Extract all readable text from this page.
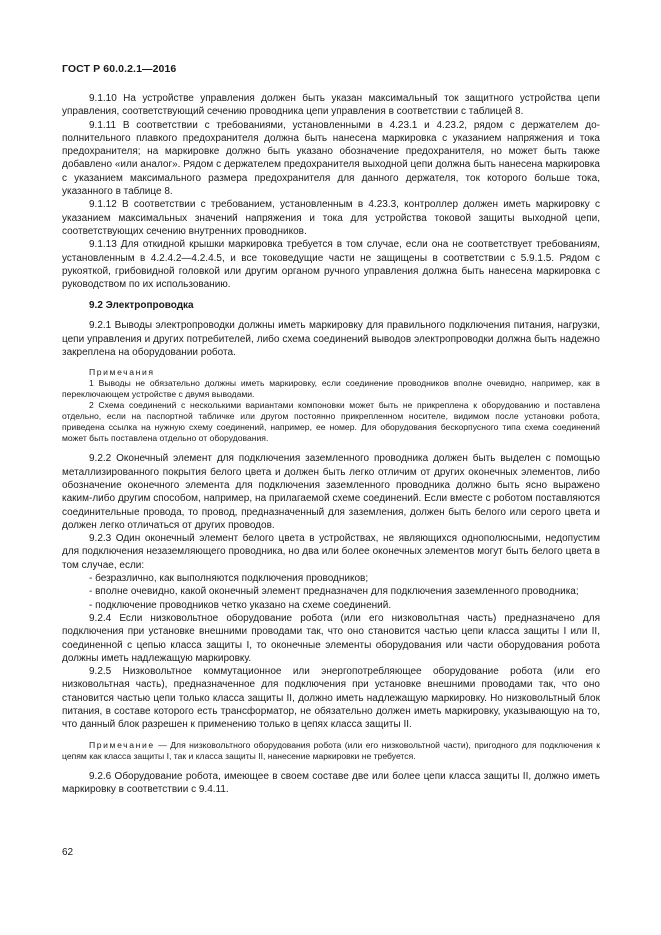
ГОСТ Р 60.0.2.1—2016

9.1.10 На устройстве управления должен быть указан максимальный ток защитного устройства цепи управления, соответствующий сечению проводника цепи управления в соответствии с таблицей 8.

9.1.11 В соответствии с требованиями, установленными в 4.23.1 и 4.23.2, рядом с держателем дополнительного плавкого предохранителя должна быть нанесена маркировка с указанием напряжения и тока предохранителя; на маркировке должно быть указано обозначение предохранителя, но может быть также добавлено «или аналог». Рядом с держателем предохранителя выходной цепи должна быть нанесена маркировка с указанием максимального размера предохранителя для данного держателя, ток которого больше тока, указанного в таблице 8.

9.1.12 В соответствии с требованием, установленным в 4.23.3, контроллер должен иметь маркировку с указанием максимальных значений напряжения и тока для устройства токовой защиты выходной цепи, соответствующих сечению внутренних проводников.

9.1.13 Для откидной крышки маркировка требуется в том случае, если она не соответствует требованиям, установленным в 4.2.4.2—4.2.4.5, и все токоведущие части не защищены в соответствии с 5.9.1.5. Рядом с рукояткой, грибовидной головкой или другим органом ручного управления должна быть нанесена маркировка с руководством по их использованию.

9.2 Электропроводка

9.2.1 Выводы электропроводки должны иметь маркировку для правильного подключения питания, нагрузки, цепи управления и других потребителей, либо схема соединений выводов электропроводки должна быть надежно закреплена на оборудовании робота.

Примечания

1 Выводы не обязательно должны иметь маркировку, если соединение проводников вполне очевидно, например, как в переключающем устройстве с двумя выводами.

2 Схема соединений с несколькими вариантами компоновки может быть не прикреплена к оборудованию и поставлена отдельно, если на паспортной табличке или другом постоянно прикрепленном носителе, видимом после установки робота, приведена ссылка на нужную схему соединений, например, ее номер. Для оборудования бескорпусного типа схема соединений может быть поставлена отдельно от оборудования.

9.2.2 Оконечный элемент для подключения заземленного проводника должен быть выделен с помощью металлизированного покрытия белого цвета и должен быть легко отличим от других оконечных элементов, либо обозначение оконечного элемента для подключения заземленного проводника должно быть ясно выражено каким-либо другим способом, например, на прилагаемой схеме соединений. Если вместе с роботом поставляются соединительные провода, то провод, предназначенный для заземления, должен быть белого или серого цвета и должен легко отличаться от других проводов.

9.2.3 Один оконечный элемент белого цвета в устройствах, не являющихся однополюсными, недопустим для подключения незаземляющего проводника, но два или более оконечных элементов могут быть белого цвета в том случае, если:

- безразлично, как выполняются подключения проводников;

- вполне очевидно, какой оконечный элемент предназначен для подключения заземленного проводника;

- подключение проводников четко указано на схеме соединений.

9.2.4 Если низковольтное оборудование робота (или его низковольтная часть) предназначено для подключения при установке внешними проводами так, что оно становится частью цепи класса защиты I или II, соединенной с цепью класса защиты I, то оконечные элементы оборудования или части оборудования робота должны иметь надлежащую маркировку.

9.2.5 Низковольтное коммутационное или энергопотребляющее оборудование робота (или его низковольтная часть), предназначенное для подключения при установке внешними проводами так, что оно становится частью цепи только класса защиты II, должно иметь надлежащую маркировку. Но низковольтный блок питания, в составе которого есть трансформатор, не обязательно должен иметь маркировку, указывающую на то, что данный блок разрешен к применению только в цепях класса защиты II.

Примечание — Для низковольтного оборудования робота (или его низковольтной части), пригодного для подключения к цепям как класса защиты I, так и класса защиты II, нанесение маркировки не требуется.

9.2.6 Оборудование робота, имеющее в своем составе две или более цепи класса защиты II, должно иметь маркировку в соответствии с 9.4.11.

62
